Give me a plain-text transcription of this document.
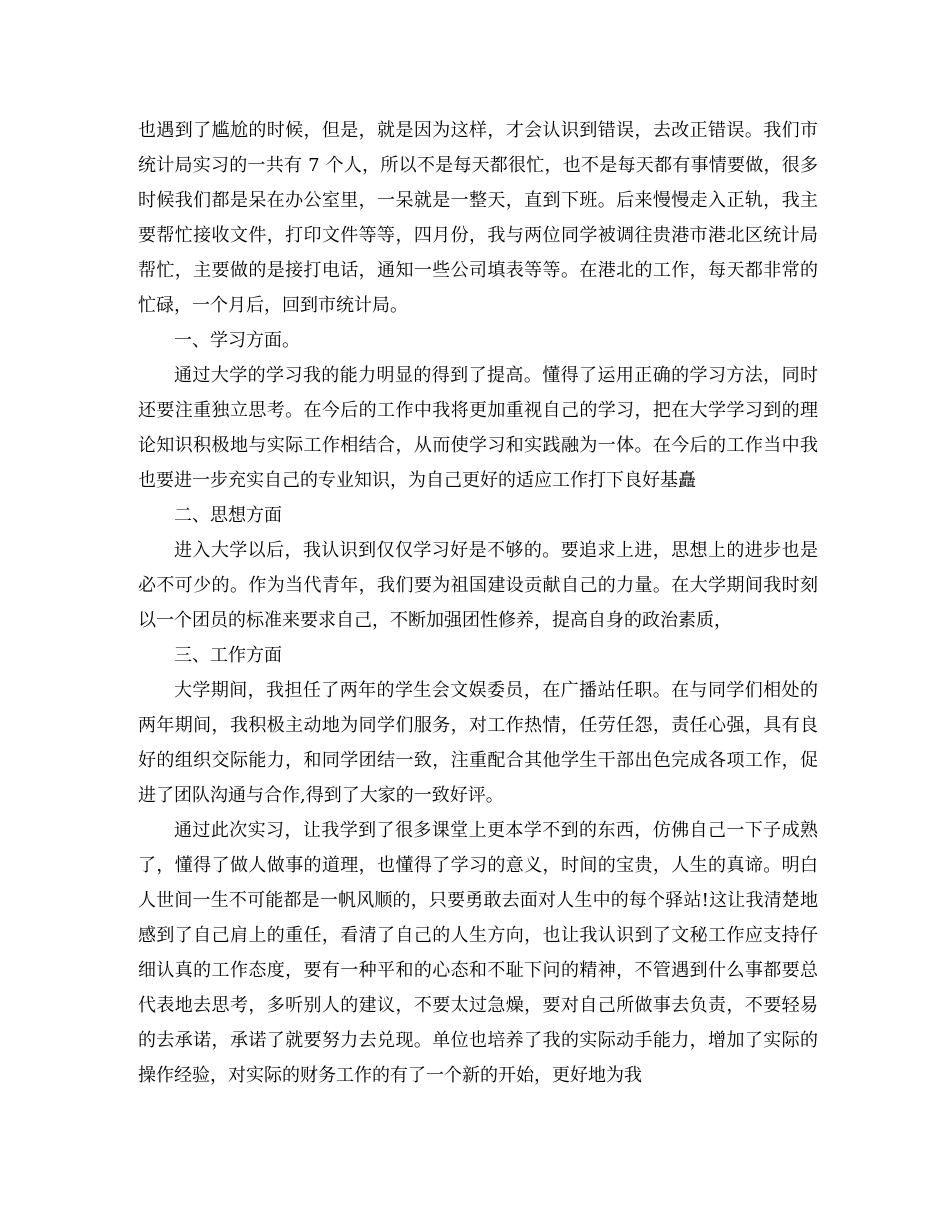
也遇到了尴尬的时候，但是，就是因为这样，才会认识到错误，去改正错误。我们市统计局实习的一共有 7 个人，所以不是每天都很忙，也不是每天都有事情要做，很多时候我们都是呆在办公室里，一呆就是一整天，直到下班。后来慢慢走入正轨，我主要帮忙接收文件，打印文件等等，四月份，我与两位同学被调往贵港市港北区统计局帮忙，主要做的是接打电话，通知一些公司填表等等。在港北的工作，每天都非常的忙碌，一个月后，回到市统计局。

一、学习方面。

通过大学的学习我的能力明显的得到了提高。懂得了运用正确的学习方法，同时还要注重独立思考。在今后的工作中我将更加重视自己的学习，把在大学学习到的理论知识积极地与实际工作相结合，从而使学习和实践融为一体。在今后的工作当中我也要进一步充实自己的专业知识，为自己更好的适应工作打下良好基矗

二、思想方面

进入大学以后，我认识到仅仅学习好是不够的。要追求上进，思想上的进步也是必不可少的。作为当代青年，我们要为祖国建设贡献自己的力量。在大学期间我时刻以一个团员的标准来要求自己，不断加强团性修养，提高自身的政治素质，

三、工作方面

大学期间，我担任了两年的学生会文娱委员，在广播站任职。在与同学们相处的两年期间，我积极主动地为同学们服务，对工作热情，任劳任怨，责任心强，具有良好的组织交际能力，和同学团结一致，注重配合其他学生干部出色完成各项工作，促进了团队沟通与合作,得到了大家的一致好评。

通过此次实习，让我学到了很多课堂上更本学不到的东西，仿佛自己一下子成熟了，懂得了做人做事的道理，也懂得了学习的意义，时间的宝贵，人生的真谛。明白人世间一生不可能都是一帆风顺的，只要勇敢去面对人生中的每个驿站!这让我清楚地感到了自己肩上的重任，看清了自己的人生方向，也让我认识到了文秘工作应支持仔细认真的工作态度，要有一种平和的心态和不耻下问的精神，不管遇到什么事都要总代表地去思考，多听别人的建议，不要太过急燥，要对自己所做事去负责，不要轻易的去承诺，承诺了就要努力去兑现。单位也培养了我的实际动手能力，增加了实际的操作经验，对实际的财务工作的有了一个新的开始，更好地为我
